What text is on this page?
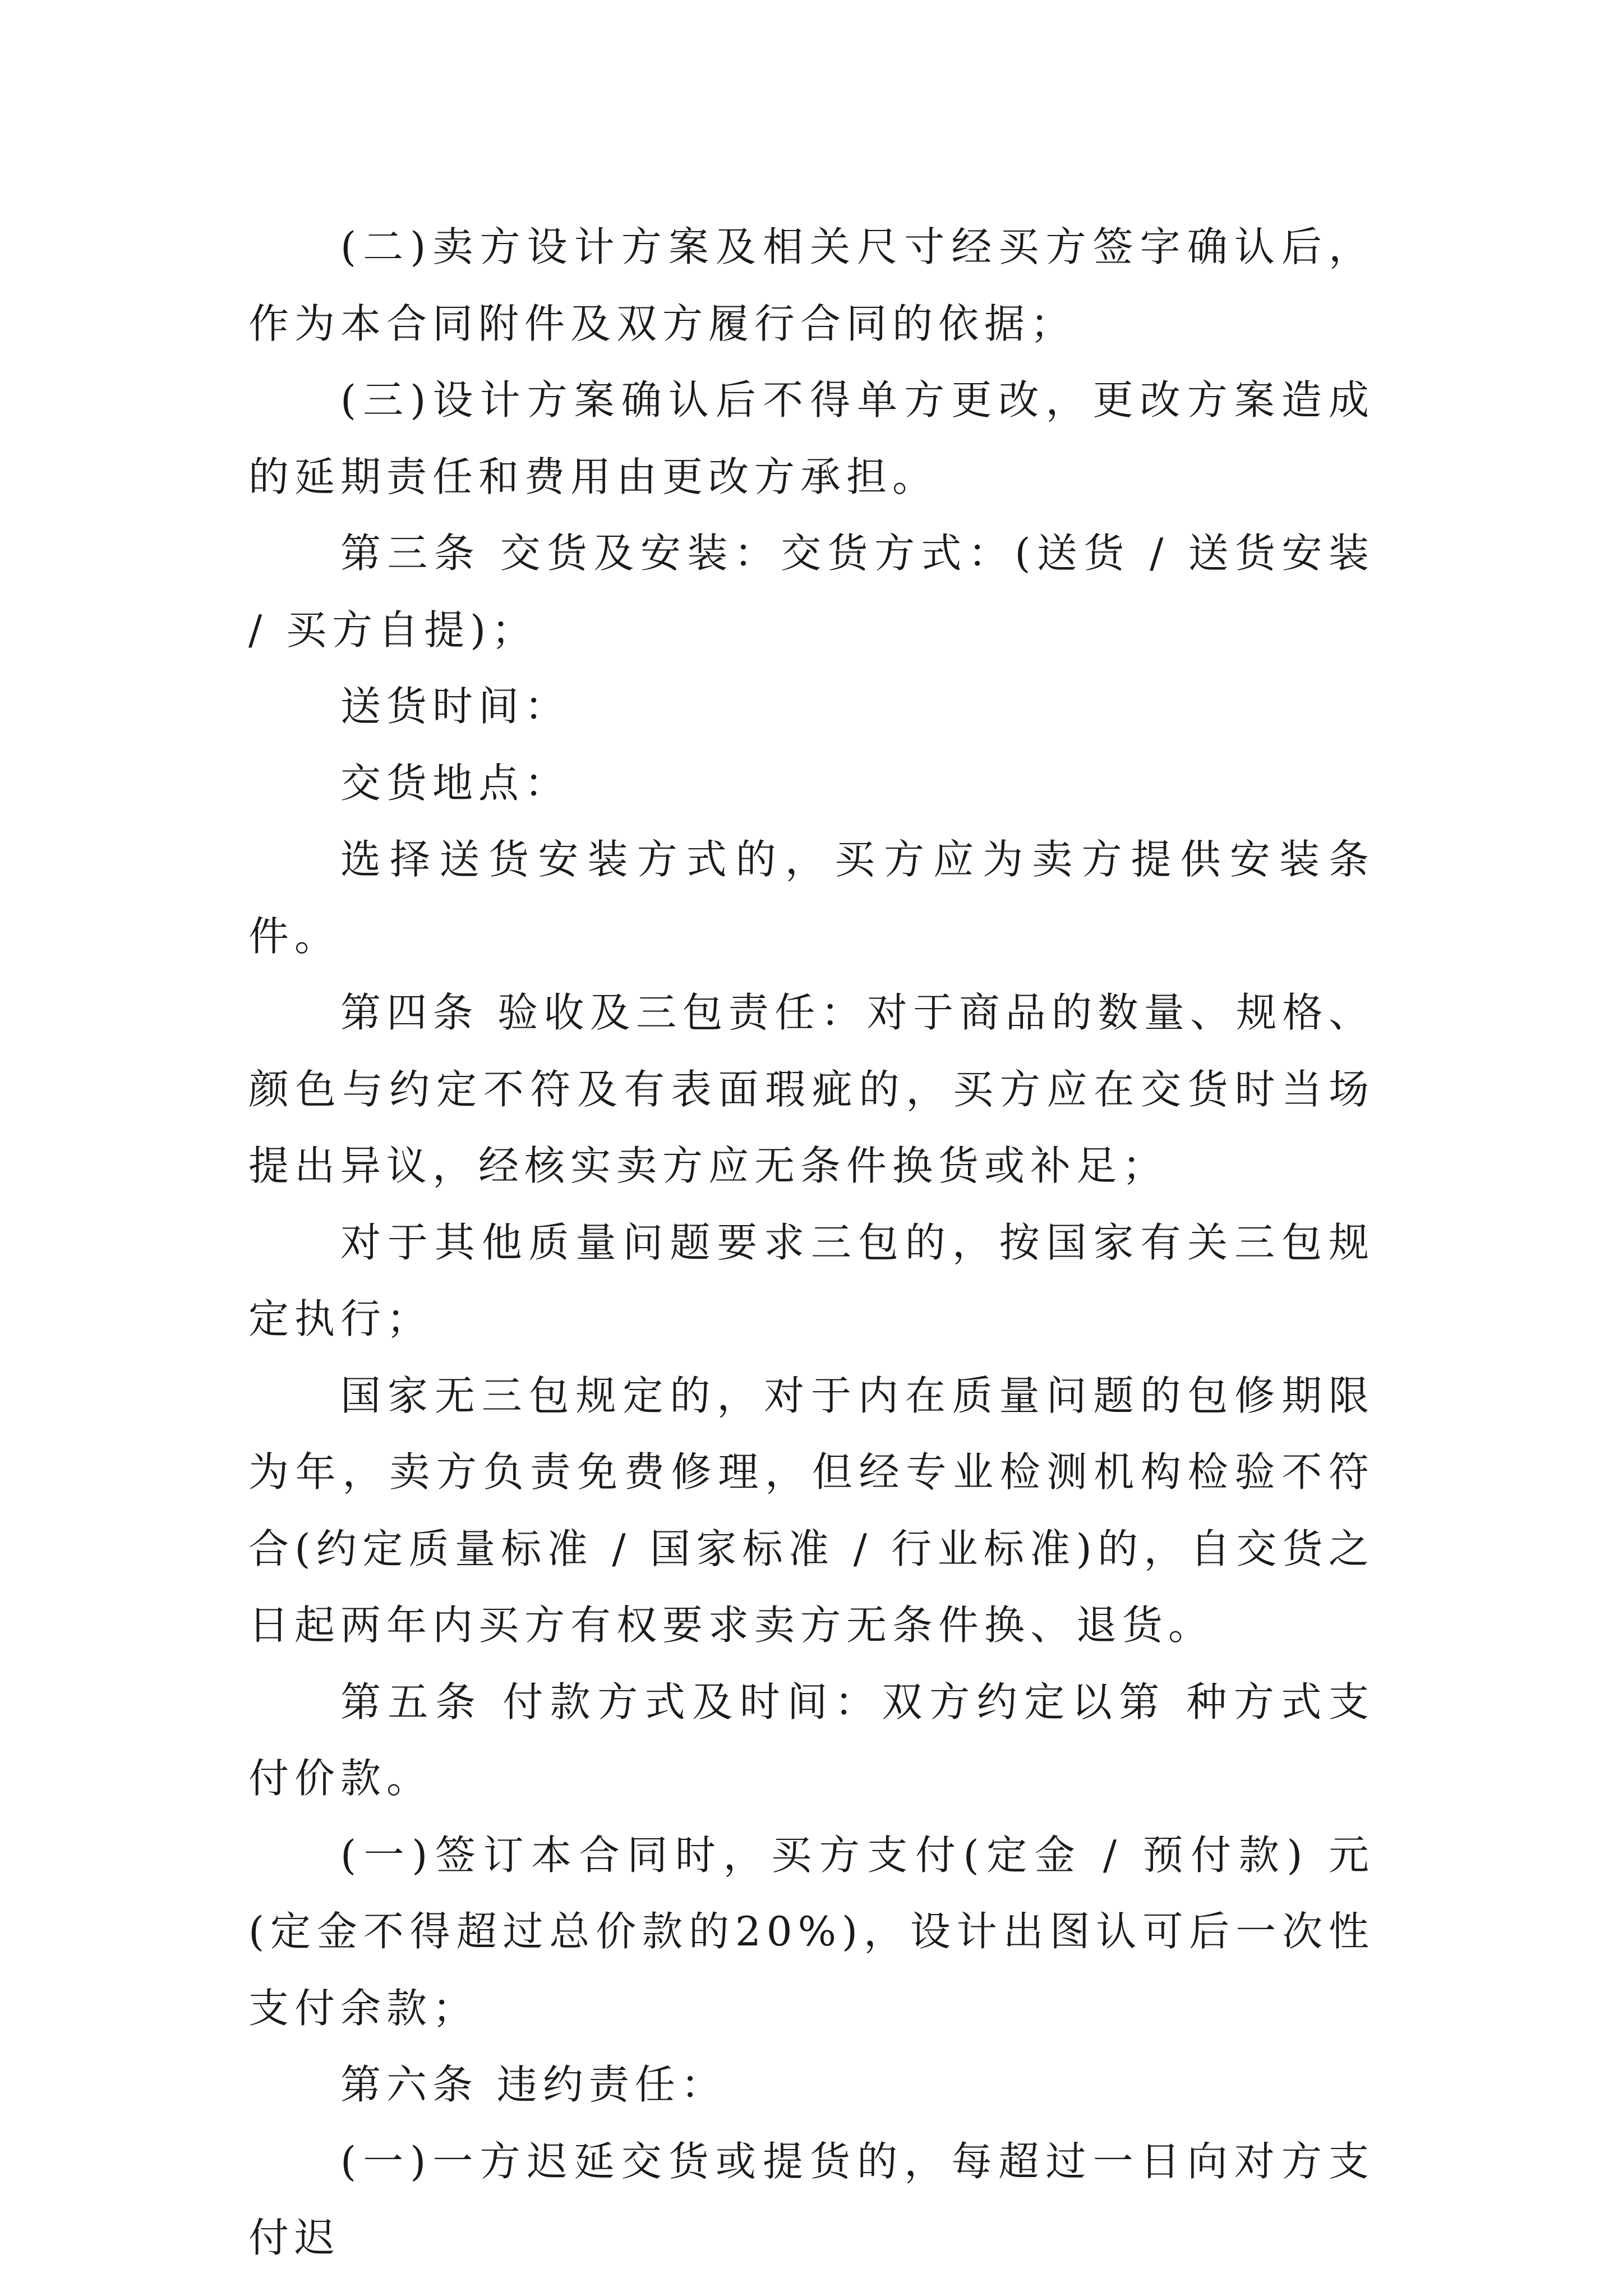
(二)卖方设计方案及相关尺寸经买方签字确认后，作为本合同附件及双方履行合同的依据；

(三)设计方案确认后不得单方更改，更改方案造成的延期责任和费用由更改方承担。

第三条 交货及安装：交货方式：(送货 / 送货安装 / 买方自提)；

送货时间：

交货地点：

选择送货安装方式的，买方应为卖方提供安装条件。

第四条 验收及三包责任：对于商品的数量、规格、颜色与约定不符及有表面瑕疵的，买方应在交货时当场提出异议，经核实卖方应无条件换货或补足；

对于其他质量问题要求三包的，按国家有关三包规定执行；

国家无三包规定的，对于内在质量问题的包修期限为年，卖方负责免费修理，但经专业检测机构检验不符合(约定质量标准 / 国家标准 / 行业标准)的，自交货之日起两年内买方有权要求卖方无条件换、退货。

第五条 付款方式及时间：双方约定以第 种方式支付价款。

(一)签订本合同时，买方支付(定金 / 预付款) 元(定金不得超过总价款的20%)，设计出图认可后一次性支付余款；

第六条 违约责任：

(一)一方迟延交货或提货的，每超过一日向对方支付迟
